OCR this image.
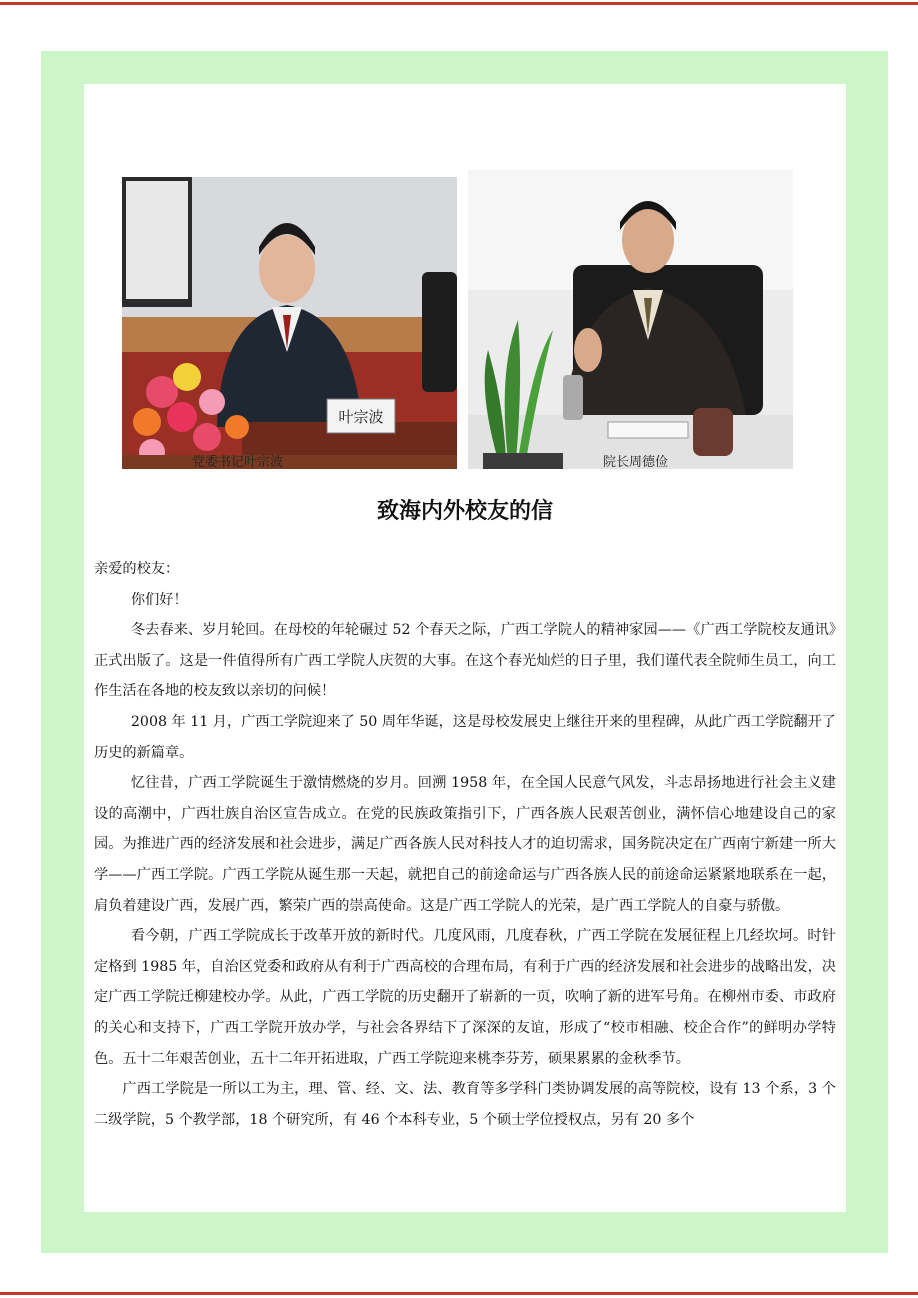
叶宗波
党委书记叶宗波	院长周德俭
致海内外校友的信

亲爱的校友：

你们好！

冬去春来、岁月轮回。在母校的年轮碾过 52 个春天之际，广西工学院人的精神家园——《广西工学院校友通讯》正式出版了。这是一件值得所有广西工学院人庆贺的大事。在这个春光灿烂的日子里，我们谨代表全院师生员工，向工作生活在各地的校友致以亲切的问候！

2008 年 11 月，广西工学院迎来了 50 周年华诞，这是母校发展史上继往开来的里程碑，从此广西工学院翻开了历史的新篇章。

忆往昔，广西工学院诞生于激情燃烧的岁月。回溯 1958 年，在全国人民意气风发，斗志昂扬地进行社会主义建设的高潮中，广西壮族自治区宣告成立。在党的民族政策指引下，广西各族人民艰苦创业，满怀信心地建设自己的家园。为推进广西的经济发展和社会进步，满足广西各族人民对科技人才的迫切需求，国务院决定在广西南宁新建一所大学——广西工学院。广西工学院从诞生那一天起，就把自己的前途命运与广西各族人民的前途命运紧紧地联系在一起，肩负着建设广西，发展广西，繁荣广西的崇高使命。这是广西工学院人的光荣，是广西工学院人的自豪与骄傲。

看今朝，广西工学院成长于改革开放的新时代。几度风雨，几度春秋，广西工学院在发展征程上几经坎坷。时针定格到 1985 年，自治区党委和政府从有利于广西高校的合理布局，有利于广西的经济发展和社会进步的战略出发，决定广西工学院迁柳建校办学。从此，广西工学院的历史翻开了崭新的一页，吹响了新的进军号角。在柳州市委、市政府的关心和支持下，广西工学院开放办学，与社会各界结下了深深的友谊，形成了“校市相融、校企合作”的鲜明办学特色。五十二年艰苦创业，五十二年开拓进取，广西工学院迎来桃李芬芳，硕果累累的金秋季节。

广西工学院是一所以工为主，理、管、经、文、法、教育等多学科门类协调发展的高等院校，设有 13 个系，3 个二级学院，5 个教学部，18 个研究所，有 46 个本科专业，5 个硕士学位授权点，另有 20 多个
